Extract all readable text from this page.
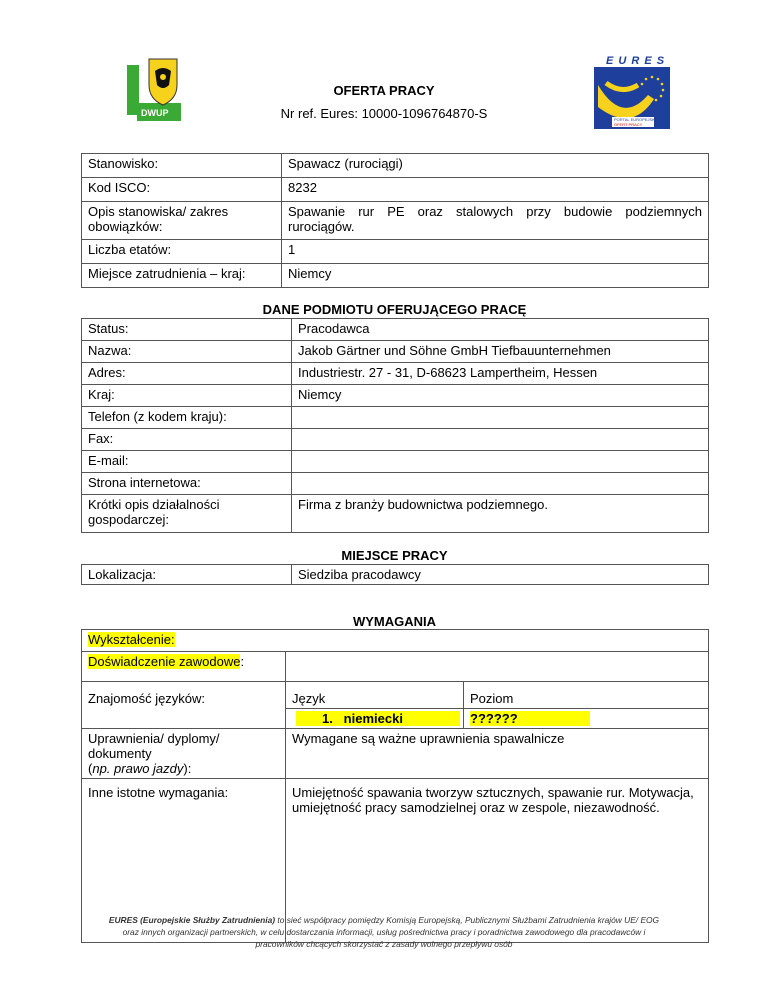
DWUP
E U R E S
PORTAL EUROPEJSKICH
OFERT PRACY
OFERTA PRACY
Nr ref. Eures: 10000-1096764870-S
Stanowisko:	Spawacz (rurociągi)
Kod ISCO:	8232
Opis stanowiska/ zakres obowiązków:	Spawanie rur PE oraz stalowych przy budowie podziemnych
rurociągów.

Liczba etatów:	1
Miejsce zatrudnienia – kraj:	Niemcy
DANE PODMIOTU OFERUJĄCEGO PRACĘ
Status:	Pracodawca
Nazwa:	Jakob Gärtner und Söhne GmbH Tiefbauunternehmen
Adres:	Industriestr. 27 - 31, D-68623 Lampertheim, Hessen
Kraj:	Niemcy
Telefon (z kodem kraju):	
Fax:	
E-mail:	
Strona internetowa:	
Krótki opis działalności gospodarczej:	Firma z branży budownictwa podziemnego.
MIEJSCE PRACY
Lokalizacja:	Siedziba pracodawcy
WYMAGANIA
Wykształcenie:		
Doświadczenie zawodowe:		
Znajomość języków:	Język	Poziom
	1.   niemiecki	??????

Uprawnienia/ dyplomy/ dokumenty
(np. prawo jazdy):	Wymagane są ważne uprawnienia spawalnicze	
Inne istotne wymagania:	Umiejętność spawania tworzyw sztucznych, spawanie rur. Motywacja, umiejętność pracy samodzielnej oraz w zespole, niezawodność.	
EURES (Europejskie Służby Zatrudnienia) to sieć współpracy pomiędzy Komisją Europejską, Publicznymi Służbami Zatrudnienia krajów UE/ EOG
oraz innych organizacji partnerskich, w celu dostarczania informacji, usług pośrednictwa pracy i poradnictwa zawodowego dla pracodawców i
pracowników chcących skorzystać z zasady wolnego przepływu osób
